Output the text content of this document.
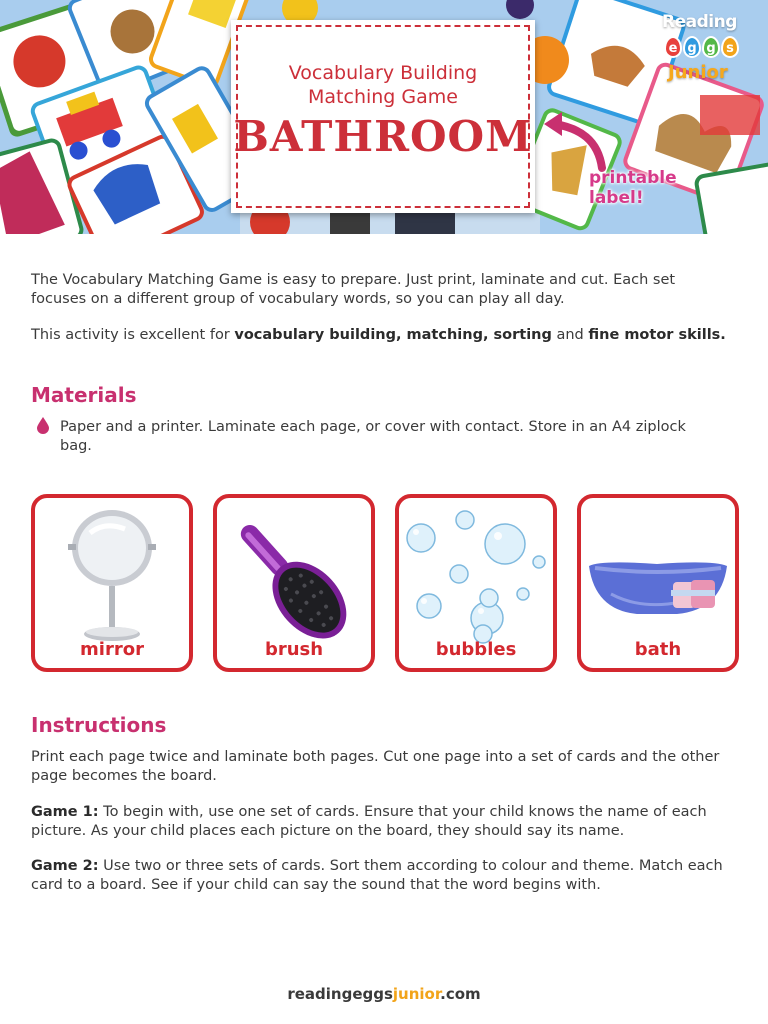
Vocabulary Building
Matching Game
BATHROOM
printable
label!
Reading
e g g s
Junior
The Vocabulary Matching Game is easy to prepare. Just print, laminate and cut. Each set focuses on a different group of vocabulary words, so you can play all day.
This activity is excellent for vocabulary building, matching, sorting and fine motor skills.
Materials
Paper and a printer. Laminate each page, or cover with contact. Store in an A4 ziplock bag.
mirror	brush	bubbles	bath
Instructions
Print each page twice and laminate both pages. Cut one page into a set of cards and the other page becomes the board.
Game 1: To begin with, use one set of cards. Ensure that your child knows the name of each picture. As your child places each picture on the board, they should say its name.
Game 2: Use two or three sets of cards. Sort them according to colour and theme. Match each card to a board. See if your child can say the sound that the word begins with.
readingeggsjunior.com
